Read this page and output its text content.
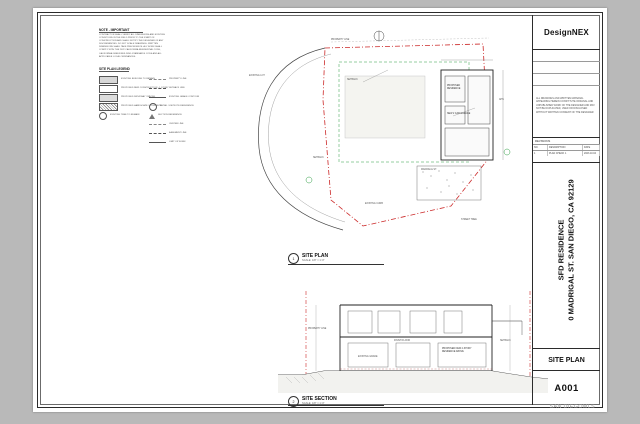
NOTE - IMPORTANT
CONTRACTOR SHALL VERIFY ALL DIMENSIONS AND EXISTING CONDITIONS IN THE FIELD PRIOR TO THE START OF CONSTRUCTION AND SHALL NOTIFY THE DESIGNER OF ANY DISCREPANCIES. DO NOT SCALE DRAWINGS. WRITTEN DIMENSIONS SHALL TAKE PRECEDENCE. ALL WORK SHALL COMPLY WITH THE 2022 CALIFORNIA RESIDENTIAL CODE, CALIFORNIA GREEN BUILDING STANDARDS CODE AND ALL APPLICABLE LOCAL ORDINANCES.
SITE PLAN LEGEND
EXISTING BUILDING TO REMAIN
PROPOSED NEW CONSTRUCTION - 1 STORY
PROPOSED DRIVEWAY / PAVING
PROPOSED HARDSCAPE / CONCRETE
EXISTING TREE TO REMAIN
PROPERTY LINE
SETBACK LINE
EXISTING GRADE CONTOUR
DETAIL / KEYNOTE REFERENCE
SECTION REFERENCE
CENTER LINE
EASEMENT LINE
LIMIT OF WORK
PROPERTY LINE
EXISTING LOT
SETBACK
PROPOSED
RESIDENCE
NEW 2 CAR GARAGE
SETBACK
MADRIGAL ST.
EXISTING CURB
STREET TREE
APN
1	SITE PLAN
SCALE: 1/8" = 1'-0"
PROPERTY LINE
EXISTING GRADE
PROPOSED NEW 2-STORY
RESIDENCE ABOVE
FINISH FLOOR	SETBACK
2	SITE SECTION
SCALE: 1/8" = 1'-0"
DesignNEX
ALL DRAWINGS AND WRITTEN MATERIAL APPEARING HEREIN CONSTITUTE ORIGINAL AND UNPUBLISHED WORK OF THE DESIGNER AND MAY NOT BE DUPLICATED, USED OR DISCLOSED WITHOUT WRITTEN CONSENT OF THE DESIGNER.
REVISIONS
NO.	DESCRIPTION	DATE
1	PLAN CHECK 1	2023.10.04
SFD RESIDENCE 0 MADRIGAL ST. SAN DIEGO, CA 92129
SITE PLAN
A001
SAN DIEGOMLS
